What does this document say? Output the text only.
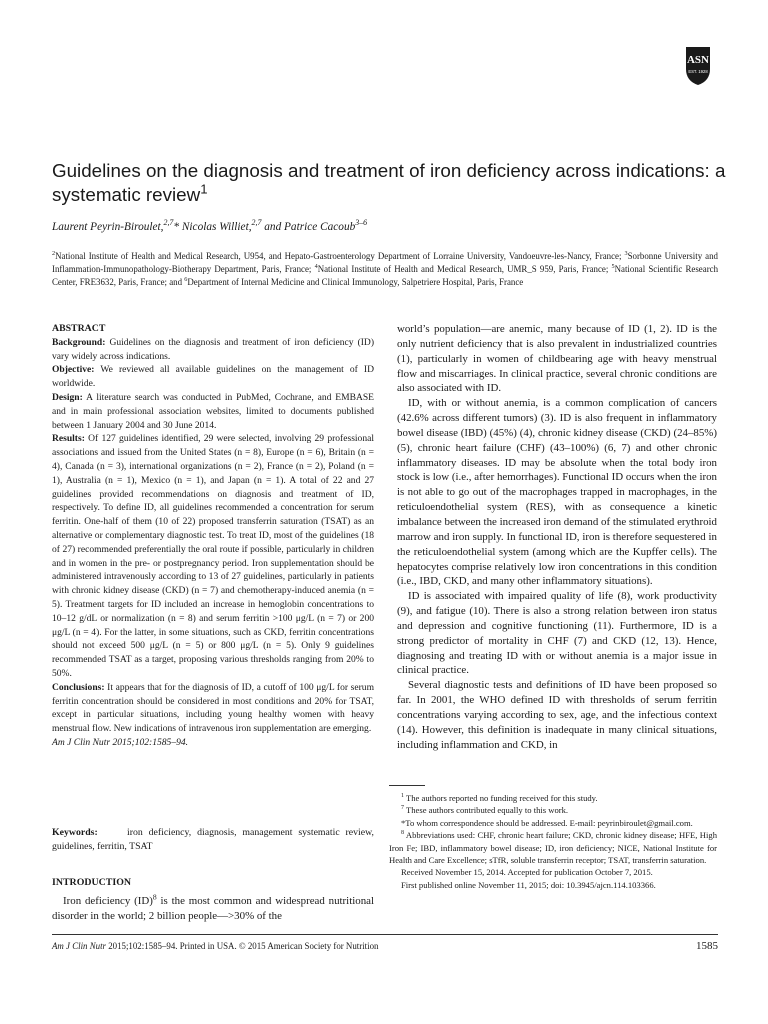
ASN
EST. 1928
Guidelines on the diagnosis and treatment of iron deficiency across indications: a systematic review$^1$
Laurent Peyrin-Biroulet,$^{2,7}$* Nicolas Williet,$^{2,7}$ and Patrice Cacoub$^{3-6}$
$^2$National Institute of Health and Medical Research, U954, and Hepato-Gastroenterology Department of Lorraine University, Vandoeuvre-les-Nancy, France; $^3$Sorbonne University and Inflammation-Immunopathology-Biotherapy Department, Paris, France; $^4$National Institute of Health and Medical Research, UMR_S 959, Paris, France; $^5$National Scientific Research Center, FRE3632, Paris, France; and $^6$Department of Internal Medicine and Clinical Immunology, Salpetriere Hospital, Paris, France

ABSTRACT

Background: Guidelines on the diagnosis and treatment of iron deficiency (ID) vary widely across indications.

Objective: We reviewed all available guidelines on the management of ID worldwide.

Design: A literature search was conducted in PubMed, Cochrane, and EMBASE and in main professional association websites, limited to documents published between 1 January 2004 and 30 June 2014.

Results: Of 127 guidelines identified, 29 were selected, involving 29 professional associations and issued from the United States (n = 8), Europe (n = 6), Britain (n = 4), Canada (n = 3), international organizations (n = 2), France (n = 2), Poland (n = 1), Australia (n = 1), Mexico (n = 1), and Japan (n = 1). A total of 22 and 27 guidelines provided recommendations on diagnosis and treatment of ID, respectively. To define ID, all guidelines recommended a concentration for serum ferritin. One-half of them (10 of 22) proposed transferrin saturation (TSAT) as an alternative or complementary diagnostic test. To treat ID, most of the guidelines (18 of 27) recommended preferentially the oral route if possible, particularly in children and in women in the pre- or postpregnancy period. Iron supplementation should be administered intravenously according to 13 of 27 guidelines, particularly in patients with chronic kidney disease (CKD) (n = 7) and chemotherapy-induced anemia (n = 5). Treatment targets for ID included an increase in hemoglobin concentrations to 10–12 g/dL or normalization (n = 8) and serum ferritin >100 μg/L (n = 7) or 200 μg/L (n = 4). For the latter, in some situations, such as CKD, ferritin concentrations should not exceed 500 μg/L (n = 5) or 800 μg/L (n = 5). Only 9 guidelines recommended TSAT as a target, proposing various thresholds ranging from 20% to 50%.

Conclusions: It appears that for the diagnosis of ID, a cutoff of 100 μg/L for serum ferritin concentration should be considered in most conditions and 20% for TSAT, except in particular situations, including young healthy women with heavy menstrual flow. New indications of intravenous iron supplementation are emerging.

Am J Clin Nutr 2015;102:1585–94.

Keywords:	iron deficiency, diagnosis, management systematic review, guidelines, ferritin, TSAT
INTRODUCTION
Iron deficiency (ID)$^8$ is the most common and widespread nutritional disorder in the world; 2 billion people—>30% of the

world’s population—are anemic, many because of ID (1, 2). ID is the only nutrient deficiency that is also prevalent in industrialized countries (1), particularly in women of childbearing age with heavy menstrual flow and miscarriages. In clinical practice, several chronic conditions are also associated with ID.

ID, with or without anemia, is a common complication of cancers (42.6% across different tumors) (3). ID is also frequent in inflammatory bowel disease (IBD) (45%) (4), chronic kidney disease (CKD) (24–85%) (5), chronic heart failure (CHF) (43–100%) (6, 7) and other chronic inflammatory diseases. ID may be absolute when the total body iron stock is low (i.e., after hemorrhages). Functional ID occurs when the iron is not able to go out of the macrophages trapped in macrophages, in the reticuloendothelial system (RES), with as consequence a kinetic imbalance between the increased iron demand of the stimulated erythroid marrow and iron supply. In functional ID, iron is therefore sequestered in the reticuloendothelial system (among which are the Kupffer cells). The hepatocytes comprise relatively low iron concentrations in this condition (i.e., IBD, CKD, and many other inflammatory situations).

ID is associated with impaired quality of life (8), work productivity (9), and fatigue (10). There is also a strong relation between iron status and depression and cognitive functioning (11). Furthermore, ID is a strong predictor of mortality in CHF (7) and CKD (12, 13). Hence, diagnosing and treating ID with or without anemia is a major issue in clinical practice.

Several diagnostic tests and definitions of ID have been proposed so far. In 2001, the WHO defined ID with thresholds of serum ferritin concentrations varying according to sex, age, and the infectious context (14). However, this definition is inadequate in many clinical situations, including inflammation and CKD, in

$^1$ The authors reported no funding received for this study.
$^7$ These authors contributed equally to this work.
*To whom correspondence should be addressed. E-mail: peyrinbiroulet@gmail.com.
$^8$ Abbreviations used: CHF, chronic heart failure; CKD, chronic kidney disease; HFE, High Iron Fe; IBD, inflammatory bowel disease; ID, iron deficiency; NICE, National Institute for Health and Care Excellence; sTfR, soluble transferrin receptor; TSAT, transferrin saturation.
Received November 15, 2014. Accepted for publication October 7, 2015.
First published online November 11, 2015; doi: 10.3945/ajcn.114.103366.
Am J Clin Nutr 2015;102:1585–94. Printed in USA. © 2015 American Society for Nutrition	1585
